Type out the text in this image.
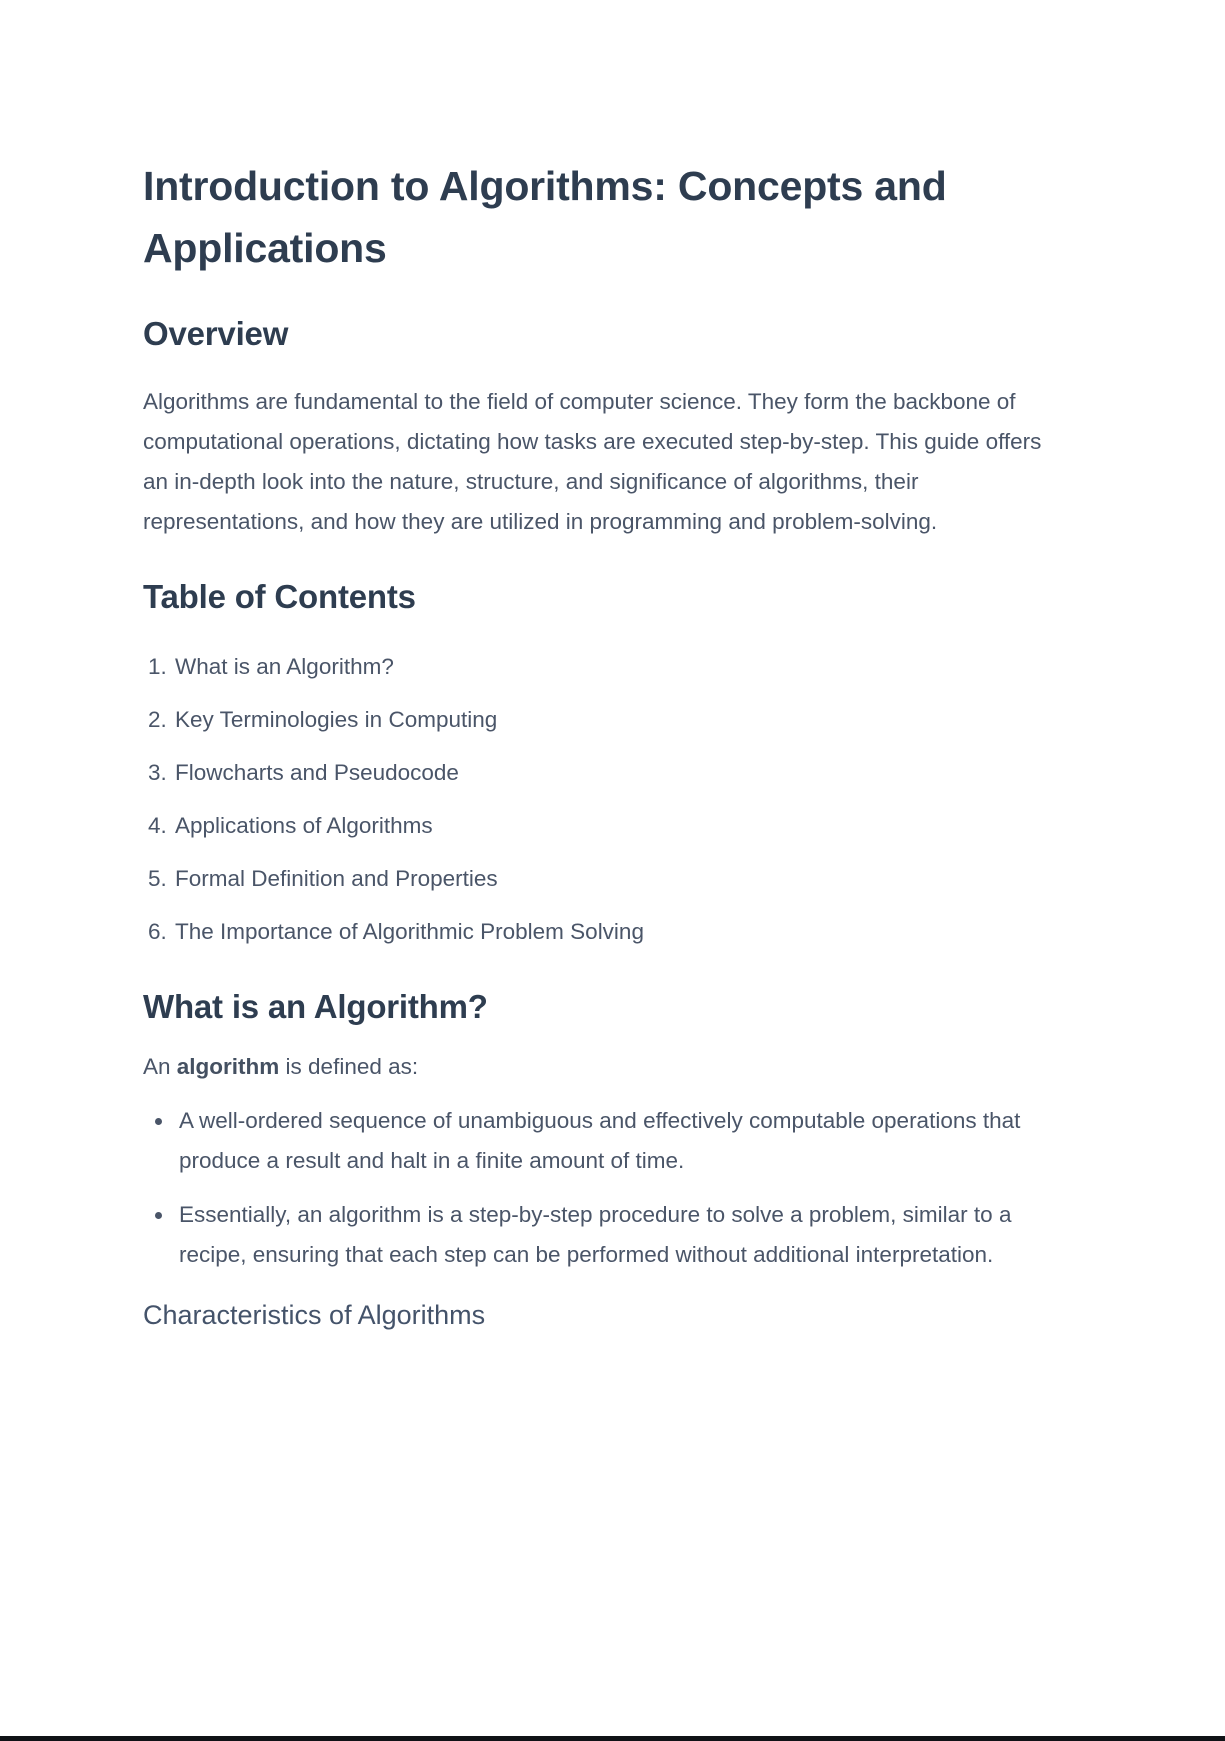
Introduction to Algorithms: Concepts and Applications
Overview

Algorithms are fundamental to the field of computer science. They form the backbone of computational operations, dictating how tasks are executed step-by-step. This guide offers an in-depth look into the nature, structure, and significance of algorithms, their representations, and how they are utilized in programming and problem-solving.

Table of Contents
1. What is an Algorithm?
2. Key Terminologies in Computing
3. Flowcharts and Pseudocode
4. Applications of Algorithms
5. Formal Definition and Properties
6. The Importance of Algorithmic Problem Solving
What is an Algorithm?

An algorithm is defined as:

• A well-ordered sequence of unambiguous and effectively computable operations that produce a result and halt in a finite amount of time.
• Essentially, an algorithm is a step-by-step procedure to solve a problem, similar to a recipe, ensuring that each step can be performed without additional interpretation.
Characteristics of Algorithms
